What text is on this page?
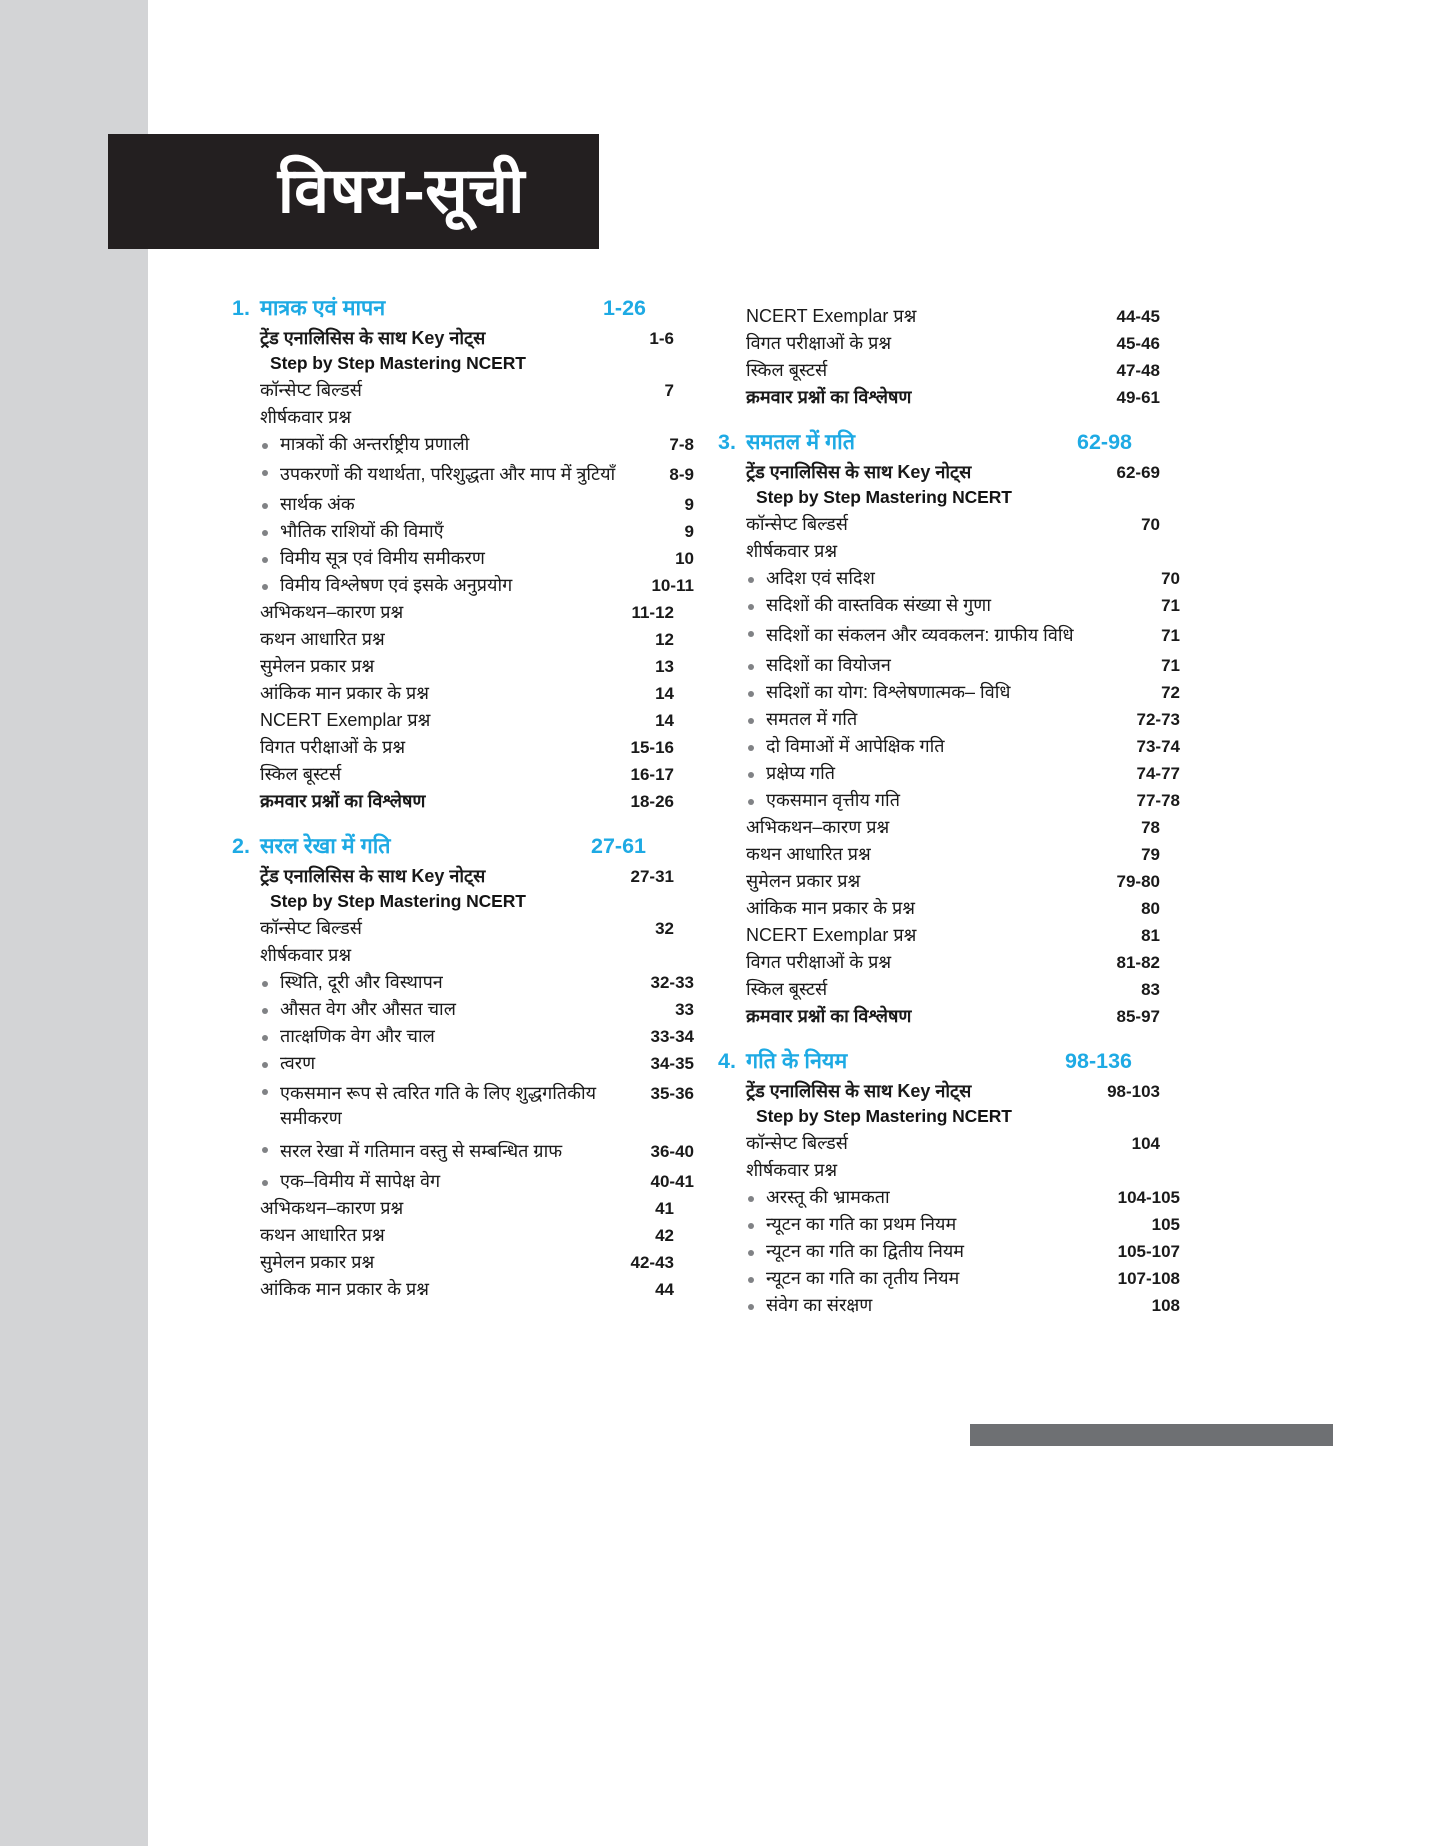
विषय-सूची
1. मात्रक एवं मापन	1-26
ट्रेंड एनालिसिस के साथ Key नोट्स	1-6
Step by Step Mastering NCERT
कॉन्सेप्ट बिल्डर्स	7
शीर्षकवार प्रश्न
मात्रकों की अन्तर्राष्ट्रीय प्रणाली	7-8
उपकरणों की यथार्थता, परिशुद्धता और माप में त्रुटियाँ	8-9
सार्थक अंक	9
भौतिक राशियों की विमाएँ	9
विमीय सूत्र एवं विमीय समीकरण	10
विमीय विश्लेषण एवं इसके अनुप्रयोग	10-11
अभिकथन–कारण प्रश्न	11-12
कथन आधारित प्रश्न	12
सुमेलन प्रकार प्रश्न	13
आंकिक मान प्रकार के प्रश्न	14
NCERT Exemplar प्रश्न	14
विगत परीक्षाओं के प्रश्न	15-16
स्किल बूस्टर्स	16-17
क्रमवार प्रश्नों का विश्लेषण	18-26
2. सरल रेखा में गति	27-61
ट्रेंड एनालिसिस के साथ Key नोट्स	27-31
Step by Step Mastering NCERT
कॉन्सेप्ट बिल्डर्स	32
शीर्षकवार प्रश्न
स्थिति, दूरी और विस्थापन	32-33
औसत वेग और औसत चाल	33
तात्क्षणिक वेग और चाल	33-34
त्वरण	34-35
एकसमान रूप से त्वरित गति के लिए शुद्धगतिकीय समीकरण
35-36
सरल रेखा में गतिमान वस्तु से सम्बन्धित ग्राफ	36-40
एक–विमीय में सापेक्ष वेग	40-41
अभिकथन–कारण प्रश्न	41
कथन आधारित प्रश्न	42
सुमेलन प्रकार प्रश्न	42-43
आंकिक मान प्रकार के प्रश्न	44
NCERT Exemplar प्रश्न	44-45
विगत परीक्षाओं के प्रश्न	45-46
स्किल बूस्टर्स	47-48
क्रमवार प्रश्नों का विश्लेषण	49-61
3. समतल में गति	62-98
ट्रेंड एनालिसिस के साथ Key नोट्स	62-69
Step by Step Mastering NCERT
कॉन्सेप्ट बिल्डर्स	70
शीर्षकवार प्रश्न
अदिश एवं सदिश	70
सदिशों की वास्तविक संख्या से गुणा	71
सदिशों का संकलन और व्यवकलन: ग्राफीय विधि	71
सदिशों का वियोजन	71
सदिशों का योग: विश्लेषणात्मक– विधि	72
समतल में गति	72-73
दो विमाओं में आपेक्षिक गति	73-74
प्रक्षेप्य गति	74-77
एकसमान वृत्तीय गति	77-78
अभिकथन–कारण प्रश्न	78
कथन आधारित प्रश्न	79
सुमेलन प्रकार प्रश्न	79-80
आंकिक मान प्रकार के प्रश्न	80
NCERT Exemplar प्रश्न	81
विगत परीक्षाओं के प्रश्न	81-82
स्किल बूस्टर्स	83
क्रमवार प्रश्नों का विश्लेषण	85-97
4. गति के नियम	98-136
ट्रेंड एनालिसिस के साथ Key नोट्स	98-103
Step by Step Mastering NCERT
कॉन्सेप्ट बिल्डर्स	104
शीर्षकवार प्रश्न
अरस्तू की भ्रामकता	104-105
न्यूटन का गति का प्रथम नियम	105
न्यूटन का गति का द्वितीय नियम	105-107
न्यूटन का गति का तृतीय नियम	107-108
संवेग का संरक्षण	108
